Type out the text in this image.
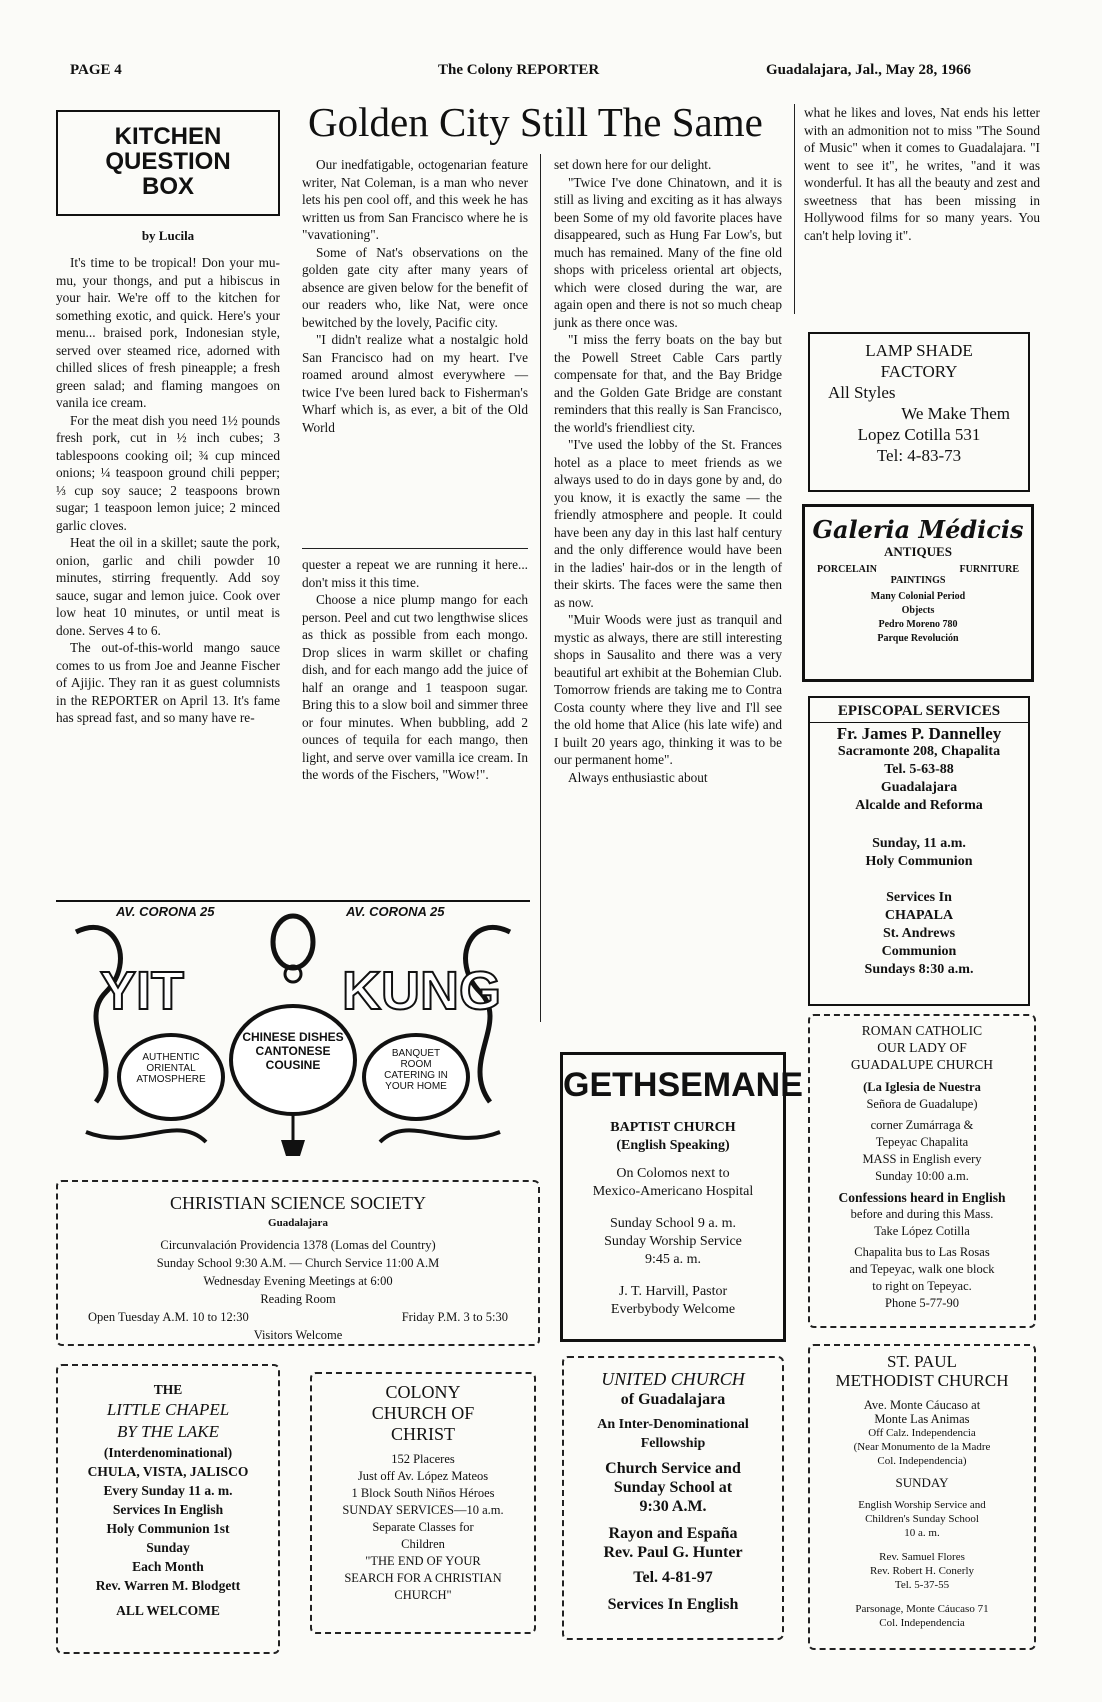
PAGE 4	The Colony REPORTER	Guadalajara, Jal., May 28, 1966
KITCHEN
QUESTION
BOX
by Lucila

It's time to be tropical! Don your mu-mu, your thongs, and put a hibiscus in your hair. We're off to the kitchen for something exotic, and quick. Here's your menu... braised pork, Indonesian style, served over steamed rice, adorned with chilled slices of fresh pineapple; a fresh green salad; and flaming mangoes on vanila ice cream.

For the meat dish you need 1½ pounds fresh pork, cut in ½ inch cubes; 3 tablespoons cooking oil; ¾ cup minced onions; ¼ teaspoon ground chili pepper; ⅓ cup soy sauce; 2 teaspoons brown sugar; 1 teaspoon lemon juice; 2 minced garlic cloves.

Heat the oil in a skillet; saute the pork, onion, garlic and chili powder 10 minutes, stirring frequently. Add soy sauce, sugar and lemon juice. Cook over low heat 10 minutes, or until meat is done. Serves 4 to 6.

The out-of-this-world mango sauce comes to us from Joe and Jeanne Fischer of Ajijic. They ran it as guest columnists in the REPORTER on April 13. It's fame has spread fast, and so many have re-

Golden City Still The Same

Our inedfatigable, octogenarian feature writer, Nat Coleman, is a man who never lets his pen cool off, and this week he has written us from San Francisco where he is "vavationing".

Some of Nat's observations on the golden gate city after many years of absence are given below for the benefit of our readers who, like Nat, were once bewitched by the lovely, Pacific city.

"I didn't realize what a nostalgic hold San Francisco had on my heart. I've roamed around almost everywhere — twice I've been lured back to Fisherman's Wharf which is, as ever, a bit of the Old World

quester a repeat we are running it here... don't miss it this time.

Choose a nice plump mango for each person. Peel and cut two lengthwise slices as thick as possible from each mongo. Drop slices in warm skillet or chafing dish, and for each mango add the juice of half an orange and 1 teaspoon sugar. Bring this to a slow boil and simmer three or four minutes. When bubbling, add 2 ounces of tequila for each mango, then light, and serve over vamilla ice cream. In the words of the Fischers, "Wow!".

set down here for our delight.

"Twice I've done Chinatown, and it is still as living and exciting as it has always been Some of my old favorite places have disappeared, such as Hung Far Low's, but much has remained. Many of the fine old shops with priceless oriental art objects, which were closed during the war, are again open and there is not so much cheap junk as there once was.

"I miss the ferry boats on the bay but the Powell Street Cable Cars partly compensate for that, and the Bay Bridge and the Golden Gate Bridge are constant reminders that this really is San Francisco, the world's friendliest city.

"I've used the lobby of the St. Frances hotel as a place to meet friends as we always used to do in days gone by and, do you know, it is exactly the same — the friendly atmosphere and people. It could have been any day in this last half century and the only difference would have been in the ladies' hair-dos or in the length of their skirts. The faces were the same then as now.

"Muir Woods were just as tranquil and mystic as always, there are still interesting shops in Sausalito and there was a very beautiful art exhibit at the Bohemian Club. Tomorrow friends are taking me to Contra Costa county where they live and I'll see the old home that Alice (his late wife) and I built 20 years ago, thinking it was to be our permanent home".

Always enthusiastic about

what he likes and loves, Nat ends his letter with an admonition not to miss "The Sound of Music" when it comes to Guadalajara. "I went to see it", he writes, "and it was wonderful. It has all the beauty and zest and sweetness that has been missing in Hollywood films for so many years. You can't help loving it".

AV. CORONA 25	AV. CORONA 25
YIT	KUNG
AUTHENTIC
ORIENTAL
ATMOSPHERE
CHINESE DISHES
CANTONESE
COUSINE
BANQUET
ROOM
CATERING IN
YOUR HOME
LAMP SHADE
FACTORY
All Styles
We Make Them
Lopez Cotilla 531
Tel: 4-83-73
Galeria Médicis
ANTIQUES
PORCELAIN	FURNITURE
PAINTINGS
Many Colonial Period
Objects
Pedro Moreno 780
Parque Revolución
EPISCOPAL SERVICES
Fr. James P. Dannelley
Sacramonte 208, Chapalita
Tel. 5-63-88
Guadalajara
Alcalde and Reforma
Sunday, 11 a.m.
Holy Communion
Services In
CHAPALA
St. Andrews
Communion
Sundays 8:30 a.m.
ROMAN CATHOLIC
OUR LADY OF
GUADALUPE CHURCH
(La Iglesia de Nuestra
Señora de Guadalupe)
corner Zumárraga &
Tepeyac Chapalita
MASS in English every
Sunday 10:00 a.m.
Confessions heard in English
before and during this Mass.
Take López Cotilla
Chapalita bus to Las Rosas
and Tepeyac, walk one block
to right on Tepeyac.
Phone 5-77-90
ST. PAUL
METHODIST CHURCH
Ave. Monte Cáucaso at
Monte Las Animas
Off Calz. Independencia
(Near Monumento de la Madre
Col. Independencia)
SUNDAY
English Worship Service and
Children's Sunday School
10 a. m.
Rev. Samuel Flores
Rev. Robert H. Conerly
Tel. 5-37-55
Parsonage, Monte Cáucaso 71
Col. Independencia
GETHSEMANE
BAPTIST CHURCH
(English Speaking)
On Colomos next to
Mexico-Americano Hospital
Sunday School 9 a. m.
Sunday Worship Service
9:45 a. m.
J. T. Harvill, Pastor
Everbybody Welcome
CHRISTIAN SCIENCE SOCIETY
Guadalajara
Circunvalación Providencia 1378 (Lomas del Country)
Sunday School 9:30 A.M. — Church Service 11:00 A.M
Wednesday Evening Meetings at 6:00
Reading Room
Open Tuesday A.M. 10 to 12:30	Friday P.M. 3 to 5:30
Visitors Welcome
THE
LITTLE CHAPEL
BY THE LAKE
(Interdenominational)
CHULA, VISTA, JALISCO
Every Sunday 11 a. m.
Services In English
Holy Communion 1st
Sunday
Each Month
Rev. Warren M. Blodgett
ALL WELCOME
COLONY
CHURCH OF
CHRIST
152 Placeres
Just off Av. López Mateos
1 Block South Niños Héroes
SUNDAY SERVICES—10 a.m.
Separate Classes for
Children
"THE END OF YOUR
SEARCH FOR A CHRISTIAN
CHURCH"
UNITED CHURCH
of Guadalajara
An Inter-Denominational
Fellowship
Church Service and
Sunday School at
9:30 A.M.
Rayon and España
Rev. Paul G. Hunter
Tel. 4-81-97
Services In English
